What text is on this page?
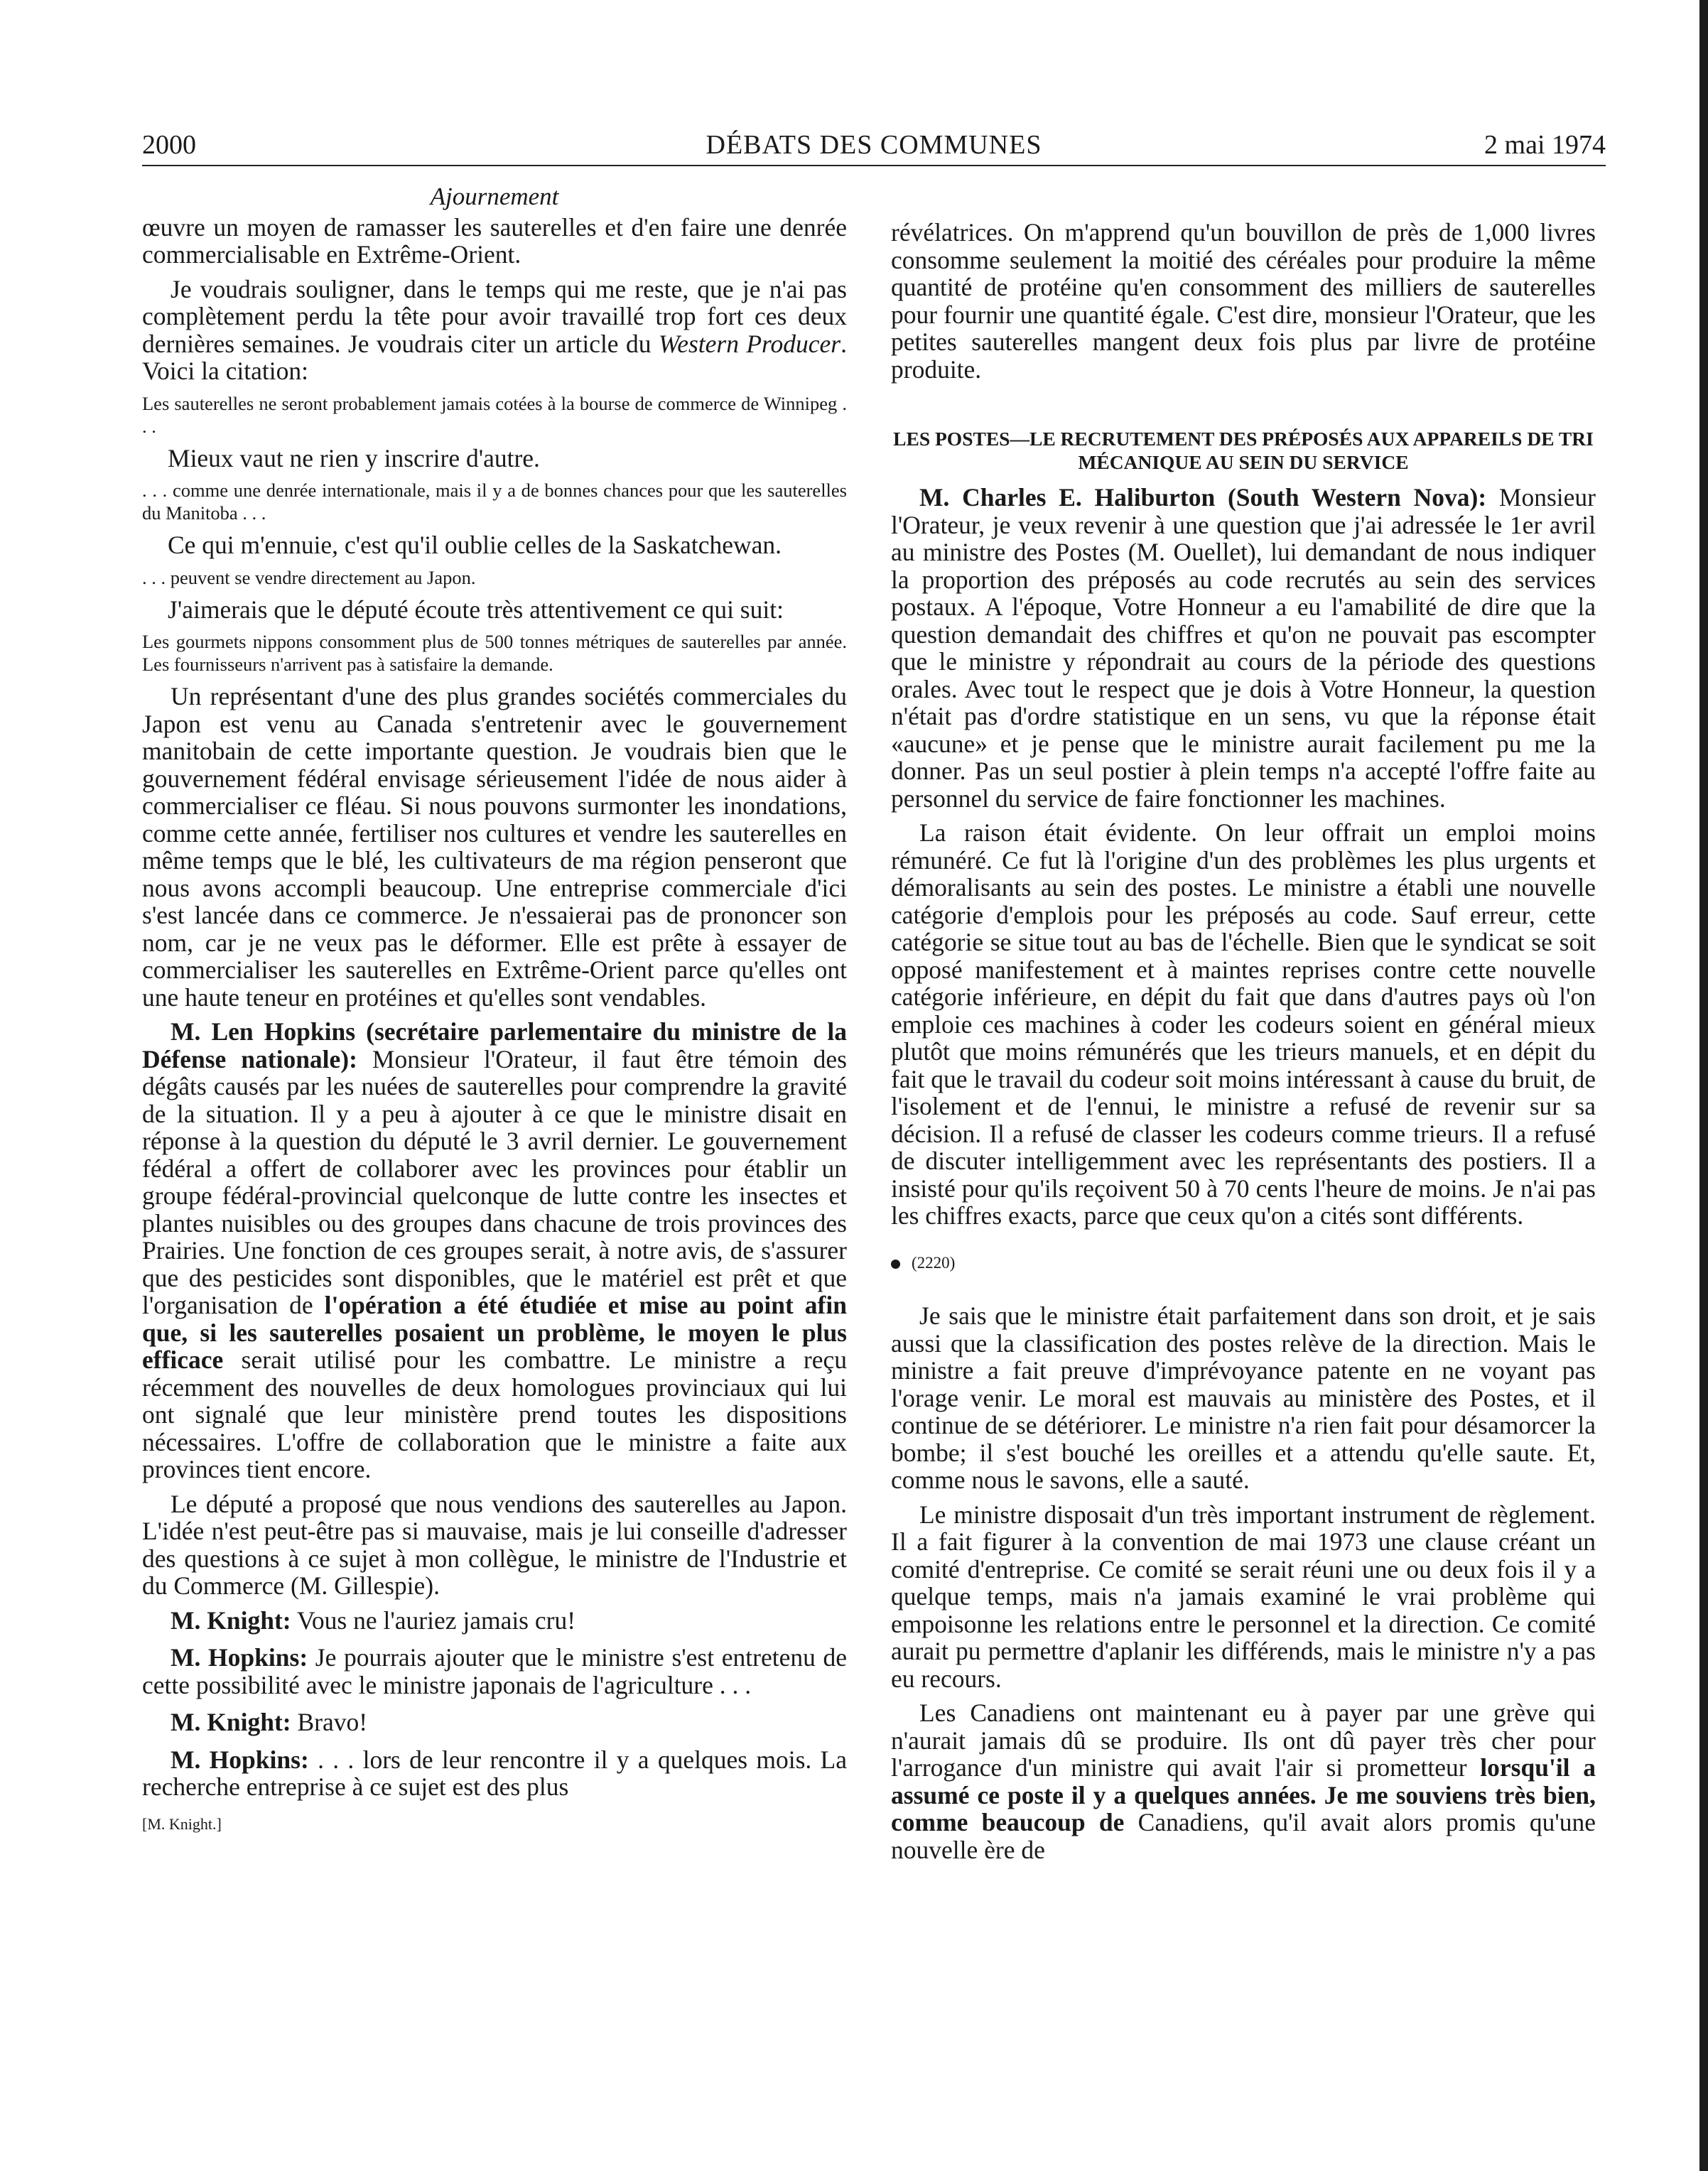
DÉBATS DES COMMUNES
2000	2 mai 1974
Ajournement

œuvre un moyen de ramasser les sauterelles et d'en faire une denrée commercialisable en Extrême-Orient.

Je voudrais souligner, dans le temps qui me reste, que je n'ai pas complètement perdu la tête pour avoir travaillé trop fort ces deux dernières semaines. Je voudrais citer un article du Western Producer. Voici la citation:

Les sauterelles ne seront probablement jamais cotées à la bourse de commerce de Winnipeg . . .

Mieux vaut ne rien y inscrire d'autre.

. . . comme une denrée internationale, mais il y a de bonnes chances pour que les sauterelles du Manitoba . . .

Ce qui m'ennuie, c'est qu'il oublie celles de la Saskatchewan.

. . . peuvent se vendre directement au Japon.

J'aimerais que le député écoute très attentivement ce qui suit:

Les gourmets nippons consomment plus de 500 tonnes métriques de sauterelles par année. Les fournisseurs n'arrivent pas à satisfaire la demande.

Un représentant d'une des plus grandes sociétés commerciales du Japon est venu au Canada s'entretenir avec le gouvernement manitobain de cette importante question. Je voudrais bien que le gouvernement fédéral envisage sérieusement l'idée de nous aider à commercialiser ce fléau. Si nous pouvons surmonter les inondations, comme cette année, fertiliser nos cultures et vendre les sauterelles en même temps que le blé, les cultivateurs de ma région penseront que nous avons accompli beaucoup. Une entreprise commerciale d'ici s'est lancée dans ce commerce. Je n'essaierai pas de prononcer son nom, car je ne veux pas le déformer. Elle est prête à essayer de commercialiser les sauterelles en Extrême-Orient parce qu'elles ont une haute teneur en protéines et qu'elles sont vendables.

M. Len Hopkins (secrétaire parlementaire du ministre de la Défense nationale): Monsieur l'Orateur, il faut être témoin des dégâts causés par les nuées de sauterelles pour comprendre la gravité de la situation. Il y a peu à ajouter à ce que le ministre disait en réponse à la question du député le 3 avril dernier. Le gouvernement fédéral a offert de collaborer avec les provinces pour établir un groupe fédéral-provincial quelconque de lutte contre les insectes et plantes nuisibles ou des groupes dans chacune de trois provinces des Prairies. Une fonction de ces groupes serait, à notre avis, de s'assurer que des pesticides sont disponibles, que le matériel est prêt et que l'organisation de l'opération a été étudiée et mise au point afin que, si les sauterelles posaient un problème, le moyen le plus efficace serait utilisé pour les combattre. Le ministre a reçu récemment des nouvelles de deux homologues provinciaux qui lui ont signalé que leur ministère prend toutes les dispositions nécessaires. L'offre de collaboration que le ministre a faite aux provinces tient encore.

Le député a proposé que nous vendions des sauterelles au Japon. L'idée n'est peut-être pas si mauvaise, mais je lui conseille d'adresser des questions à ce sujet à mon collègue, le ministre de l'Industrie et du Commerce (M. Gillespie).

M. Knight: Vous ne l'auriez jamais cru!

M. Hopkins: Je pourrais ajouter que le ministre s'est entretenu de cette possibilité avec le ministre japonais de l'agriculture . . .

M. Knight: Bravo!

M. Hopkins: . . . lors de leur rencontre il y a quelques mois. La recherche entreprise à ce sujet est des plus

[M. Knight.]

révélatrices. On m'apprend qu'un bouvillon de près de 1,000 livres consomme seulement la moitié des céréales pour produire la même quantité de protéine qu'en consomment des milliers de sauterelles pour fournir une quantité égale. C'est dire, monsieur l'Orateur, que les petites sauterelles mangent deux fois plus par livre de protéine produite.

LES POSTES—LE RECRUTEMENT DES PRÉPOSÉS AUX APPAREILS DE TRI MÉCANIQUE AU SEIN DU SERVICE

M. Charles E. Haliburton (South Western Nova): Monsieur l'Orateur, je veux revenir à une question que j'ai adressée le 1er avril au ministre des Postes (M. Ouellet), lui demandant de nous indiquer la proportion des préposés au code recrutés au sein des services postaux. A l'époque, Votre Honneur a eu l'amabilité de dire que la question demandait des chiffres et qu'on ne pouvait pas escompter que le ministre y répondrait au cours de la période des questions orales. Avec tout le respect que je dois à Votre Honneur, la question n'était pas d'ordre statistique en un sens, vu que la réponse était «aucune» et je pense que le ministre aurait facilement pu me la donner. Pas un seul postier à plein temps n'a accepté l'offre faite au personnel du service de faire fonctionner les machines.

La raison était évidente. On leur offrait un emploi moins rémunéré. Ce fut là l'origine d'un des problèmes les plus urgents et démoralisants au sein des postes. Le ministre a établi une nouvelle catégorie d'emplois pour les préposés au code. Sauf erreur, cette catégorie se situe tout au bas de l'échelle. Bien que le syndicat se soit opposé manifestement et à maintes reprises contre cette nouvelle catégorie inférieure, en dépit du fait que dans d'autres pays où l'on emploie ces machines à coder les codeurs soient en général mieux plutôt que moins rémunérés que les trieurs manuels, et en dépit du fait que le travail du codeur soit moins intéressant à cause du bruit, de l'isolement et de l'ennui, le ministre a refusé de revenir sur sa décision. Il a refusé de classer les codeurs comme trieurs. Il a refusé de discuter intelligemment avec les représentants des postiers. Il a insisté pour qu'ils reçoivent 50 à 70 cents l'heure de moins. Je n'ai pas les chiffres exacts, parce que ceux qu'on a cités sont différents.

(2220)

Je sais que le ministre était parfaitement dans son droit, et je sais aussi que la classification des postes relève de la direction. Mais le ministre a fait preuve d'imprévoyance patente en ne voyant pas l'orage venir. Le moral est mauvais au ministère des Postes, et il continue de se détériorer. Le ministre n'a rien fait pour désamorcer la bombe; il s'est bouché les oreilles et a attendu qu'elle saute. Et, comme nous le savons, elle a sauté.

Le ministre disposait d'un très important instrument de règlement. Il a fait figurer à la convention de mai 1973 une clause créant un comité d'entreprise. Ce comité se serait réuni une ou deux fois il y a quelque temps, mais n'a jamais examiné le vrai problème qui empoisonne les relations entre le personnel et la direction. Ce comité aurait pu permettre d'aplanir les différends, mais le ministre n'y a pas eu recours.

Les Canadiens ont maintenant eu à payer par une grève qui n'aurait jamais dû se produire. Ils ont dû payer très cher pour l'arrogance d'un ministre qui avait l'air si prometteur lorsqu'il a assumé ce poste il y a quelques années. Je me souviens très bien, comme beaucoup de Canadiens, qu'il avait alors promis qu'une nouvelle ère de
